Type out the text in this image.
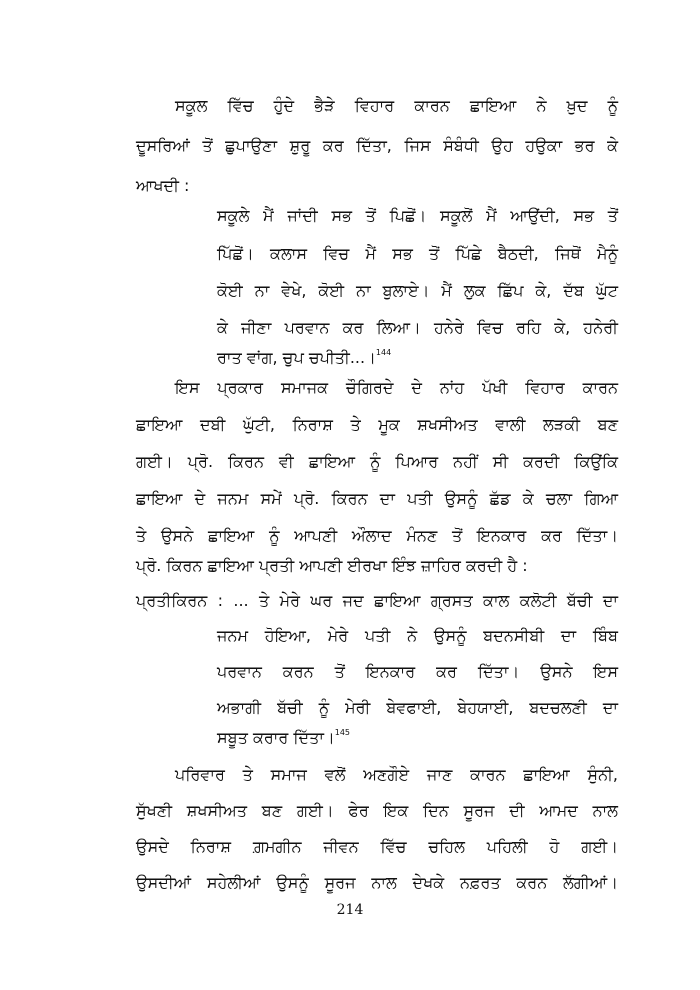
ਸਕੂਲ ਵਿੱਚ ਹੁੰਦੇ ਭੈੜੇ ਵਿਹਾਰ ਕਾਰਨ ਛਾਇਆ ਨੇ ਖ਼ੁਦ ਨੂੰ

ਦੂਸਰਿਆਂ ਤੋਂ ਛੁਪਾਉਣਾ ਸ਼ੁਰੂ ਕਰ ਦਿੱਤਾ, ਜਿਸ ਸੰਬੰਧੀ ਉਹ ਹਉਕਾ ਭਰ ਕੇ

ਆਖਦੀ :

ਸਕੂਲੇ ਮੈਂ ਜਾਂਦੀ ਸਭ ਤੋਂ ਪਿਛੋਂ। ਸਕੂਲੋਂ ਮੈਂ ਆਉਂਦੀ, ਸਭ ਤੋਂ

ਪਿੱਛੋਂ। ਕਲਾਸ ਵਿਚ ਮੈਂ ਸਭ ਤੋਂ ਪਿੱਛੇ ਬੈਠਦੀ, ਜਿਥੋਂ ਮੈਨੂੰ

ਕੋਈ ਨਾ ਵੇਖੇ, ਕੋਈ ਨਾ ਬੁਲਾਏ। ਮੈਂ ਲੁਕ ਛਿੱਪ ਕੇ, ਦੱਬ ਘੁੱਟ

ਕੇ ਜੀਣਾ ਪਰਵਾਨ ਕਰ ਲਿਆ। ਹਨੇਰੇ ਵਿਚ ਰਹਿ ਕੇ, ਹਨੇਰੀ

ਰਾਤ ਵਾਂਗ, ਚੁਪ ਚਪੀਤੀ...।$^{144}$

ਇਸ ਪ੍ਰਕਾਰ ਸਮਾਜਕ ਚੌਗਿਰਦੇ ਦੇ ਨਾਂਹ ਪੱਖੀ ਵਿਹਾਰ ਕਾਰਨ

ਛਾਇਆ ਦਬੀ ਘੁੱਟੀ, ਨਿਰਾਸ਼ ਤੇ ਮੂਕ ਸ਼ਖਸੀਅਤ ਵਾਲੀ ਲੜਕੀ ਬਣ

ਗਈ। ਪ੍ਰੋ. ਕਿਰਨ ਵੀ ਛਾਇਆ ਨੂੰ ਪਿਆਰ ਨਹੀਂ ਸੀ ਕਰਦੀ ਕਿਉਂਕਿ

ਛਾਇਆ ਦੇ ਜਨਮ ਸਮੇਂ ਪ੍ਰੋ. ਕਿਰਨ ਦਾ ਪਤੀ ਉਸਨੂੰ ਛੱਡ ਕੇ ਚਲਾ ਗਿਆ

ਤੇ ਉਸਨੇ ਛਾਇਆ ਨੂੰ ਆਪਣੀ ਔਲਾਦ ਮੰਨਣ ਤੋਂ ਇਨਕਾਰ ਕਰ ਦਿੱਤਾ।

ਪ੍ਰੋ. ਕਿਰਨ ਛਾਇਆ ਪ੍ਰਤੀ ਆਪਣੀ ਈਰਖਾ ਇੰਝ ਜ਼ਾਹਿਰ ਕਰਦੀ ਹੈ :

ਪ੍ਰਤੀਕਿਰਨ : ... ਤੇ ਮੇਰੇ ਘਰ ਜਦ ਛਾਇਆ ਗ੍ਰਸਤ ਕਾਲ ਕਲੋਟੀ ਬੱਚੀ ਦਾ

ਜਨਮ ਹੋਇਆ, ਮੇਰੇ ਪਤੀ ਨੇ ਉਸਨੂੰ ਬਦਨਸੀਬੀ ਦਾ ਬਿੰਬ

ਪਰਵਾਨ ਕਰਨ ਤੋਂ ਇਨਕਾਰ ਕਰ ਦਿੱਤਾ। ਉਸਨੇ ਇਸ

ਅਭਾਗੀ ਬੱਚੀ ਨੂੰ ਮੇਰੀ ਬੇਵਫਾਈ, ਬੇਹਯਾਈ, ਬਦਚਲਣੀ ਦਾ

ਸਬੂਤ ਕਰਾਰ ਦਿੱਤਾ।$^{145}$

ਪਰਿਵਾਰ ਤੇ ਸਮਾਜ ਵਲੋਂ ਅਣਗੌਏ ਜਾਣ ਕਾਰਨ ਛਾਇਆ ਸੁੰਨੀ,

ਸੁੱਖਣੀ ਸ਼ਖਸੀਅਤ ਬਣ ਗਈ। ਫੇਰ ਇਕ ਦਿਨ ਸੂਰਜ ਦੀ ਆਮਦ ਨਾਲ

ਉਸਦੇ ਨਿਰਾਸ਼ ਗ਼ਮਗੀਨ ਜੀਵਨ ਵਿੱਚ ਚਹਿਲ ਪਹਿਲੀ ਹੋ ਗਈ।

ਉਸਦੀਆਂ ਸਹੇਲੀਆਂ ਉਸਨੂੰ ਸੂਰਜ ਨਾਲ ਦੇਖਕੇ ਨਫ਼ਰਤ ਕਰਨ ਲੱਗੀਆਂ।

214
